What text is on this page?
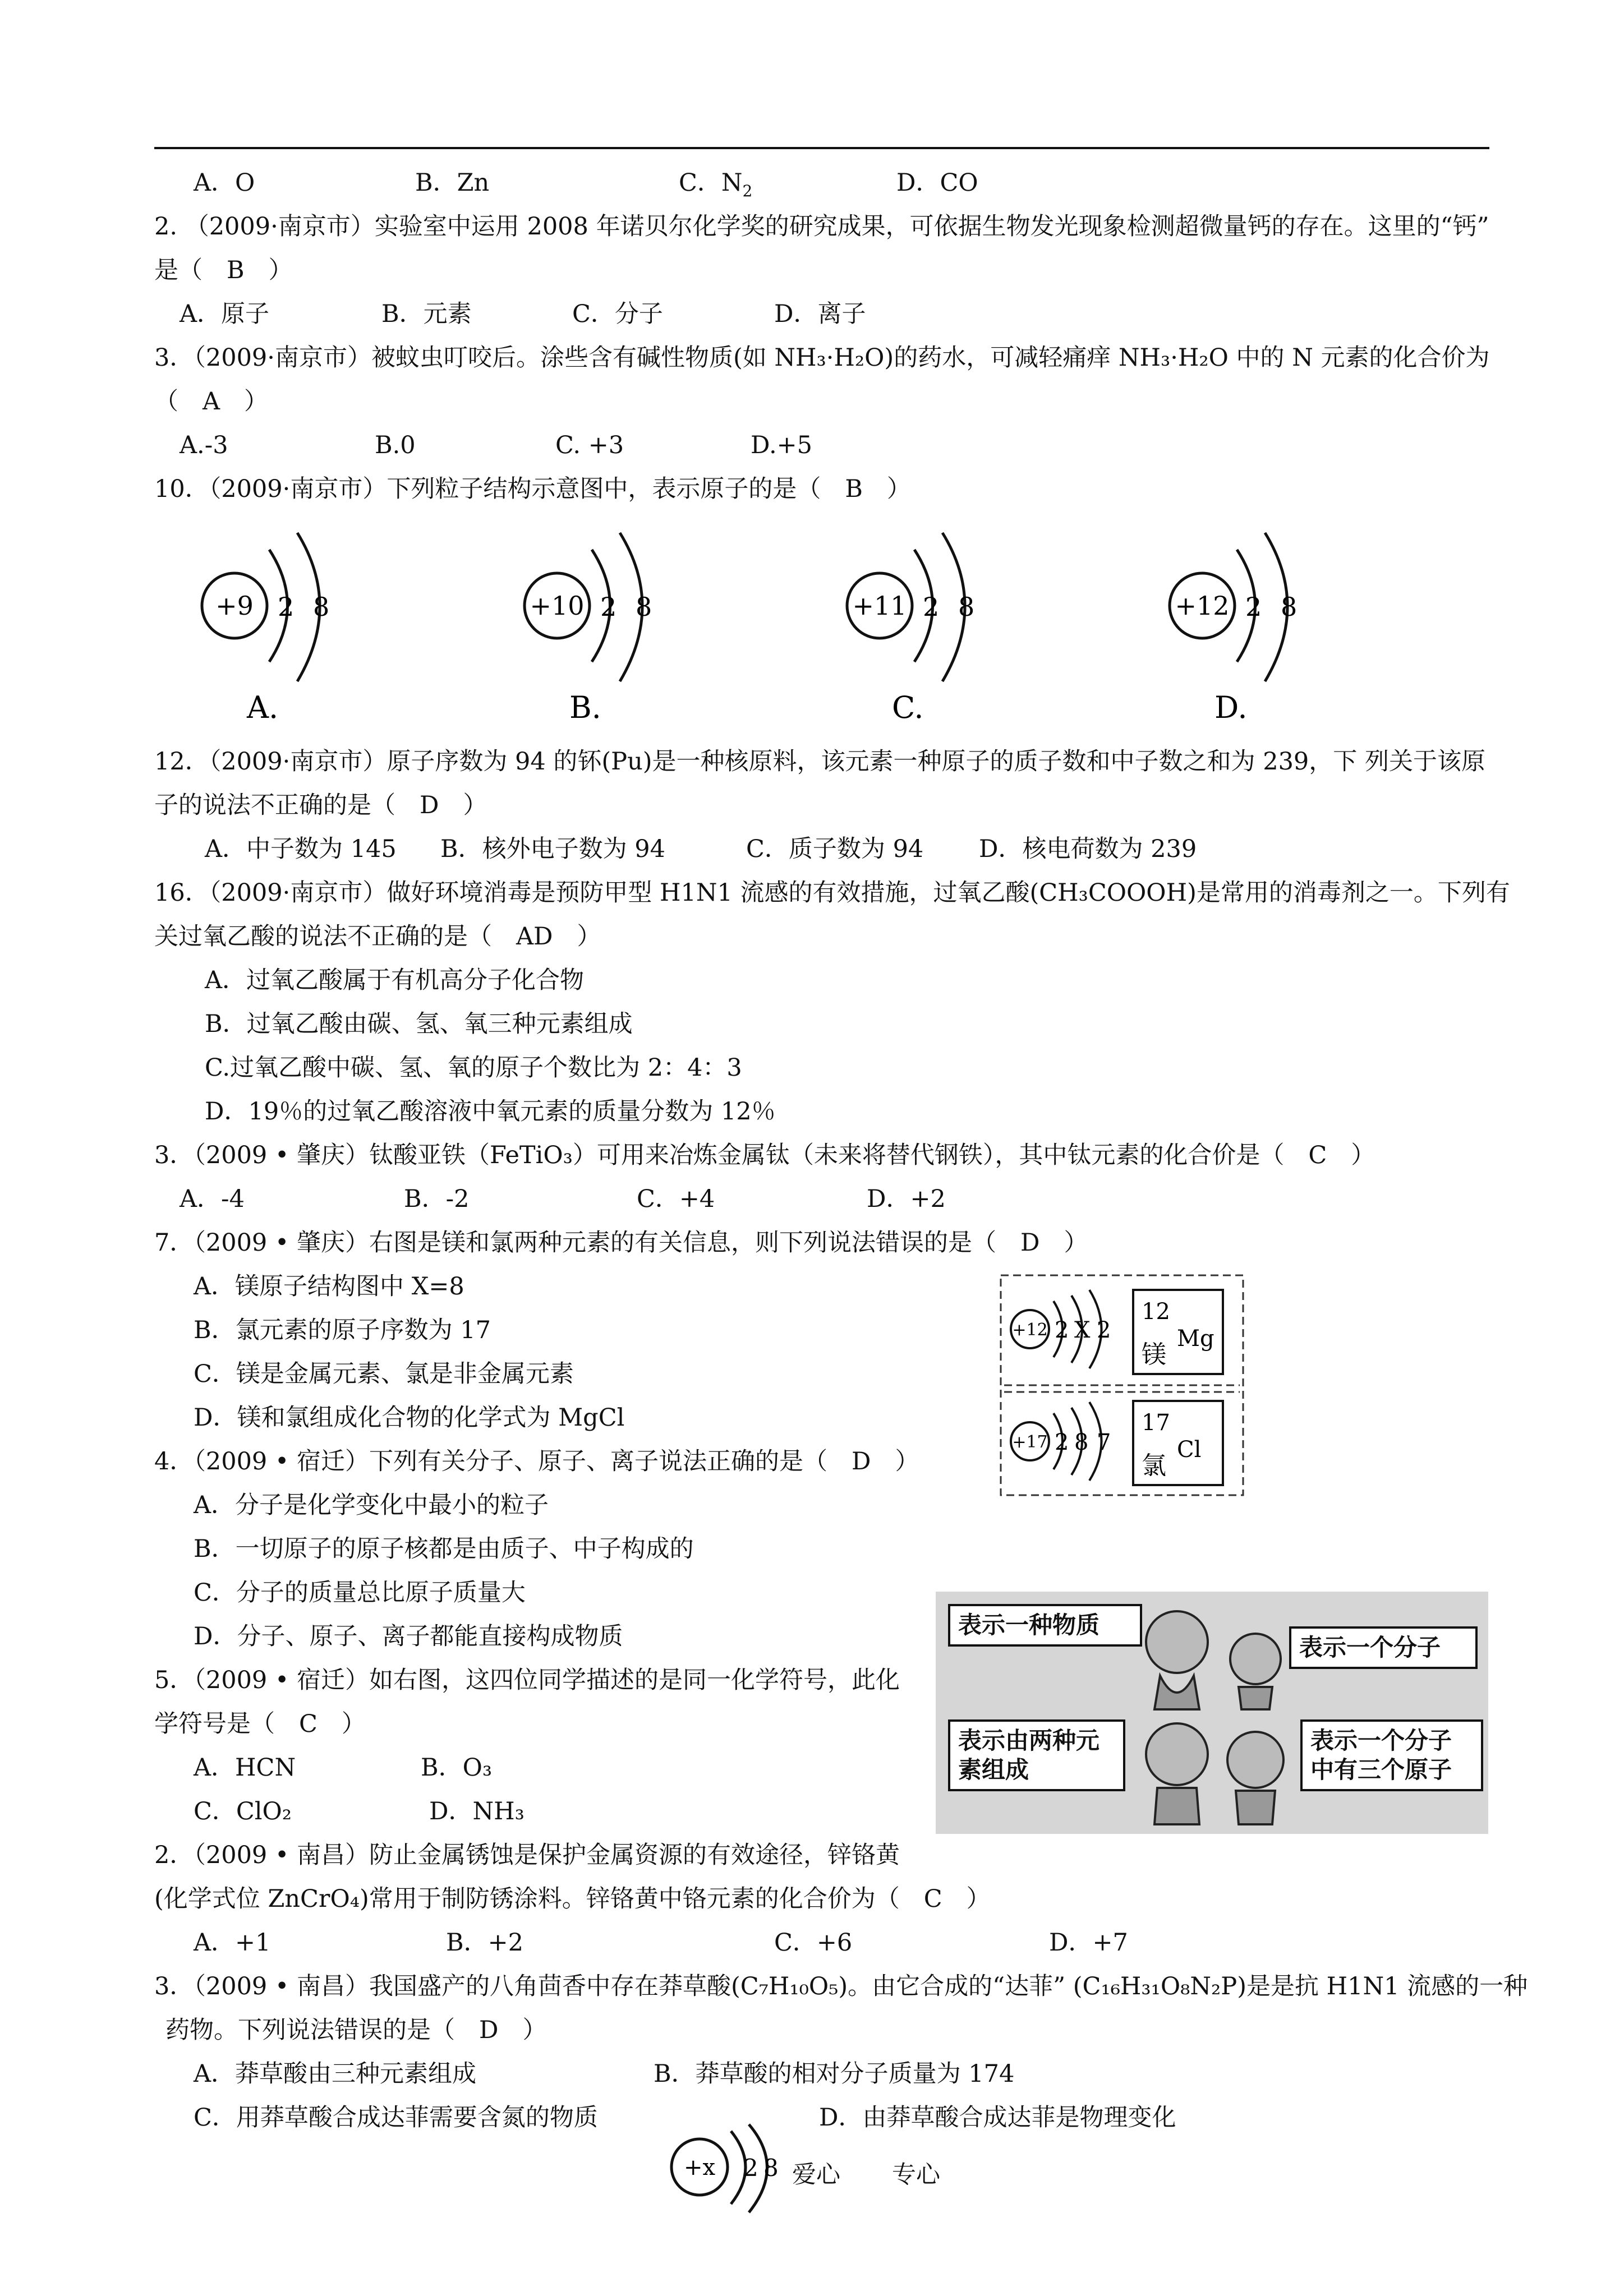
A．O	B．Zn	C．$N_2$	D．CO
2. （2009·南京市）实验室中运用 2008 年诺贝尔化学奖的研究成果，可依据生物发光现象检测超微量钙的存在。这里的“钙”
是（　B　）
A．原子	B．元素	C．分子	D．离子
3．（2009·南京市）被蚊虫叮咬后。涂些含有碱性物质(如 NH₃·H₂O)的药水，可减轻痛痒 NH₃·H₂O 中的 N 元素的化合价为
（　A　）
A.-3	B.0	C. +3	D.+5
10．（2009·南京市）下列粒子结构示意图中，表示原子的是（　B　）
+9 2 8
A.
+10 2 8
B.
+11 2 8
C.
+12 2 8
D.
12．（2009·南京市）原子序数为 94 的钚(Pu)是一种核原料，该元素一种原子的质子数和中子数之和为 239，下 列关于该原
子的说法不正确的是（　D　）
A．中子数为 145 B．核外电子数为 94	C．质子数为 94 D．核电荷数为 239
16．（2009·南京市）做好环境消毒是预防甲型 H1N1 流感的有效措施，过氧乙酸(CH₃COOOH)是常用的消毒剂之一。下列有
关过氧乙酸的说法不正确的是（　AD　）
A．过氧乙酸属于有机高分子化合物
B．过氧乙酸由碳、氢、氧三种元素组成
C.过氧乙酸中碳、氢、氧的原子个数比为 2：4：3
D．19％的过氧乙酸溶液中氧元素的质量分数为 12％
3．（2009 • 肇庆）钛酸亚铁（FeTiO₃）可用来冶炼金属钛（未来将替代钢铁），其中钛元素的化合价是（　C　）
A．-4	B．-2	C．+4	D．+2
7．（2009 • 肇庆）右图是镁和氯两种元素的有关信息，则下列说法错误的是（　D　）
A．镁原子结构图中 X=8
B．氯元素的原子序数为 17
C．镁是金属元素、氯是非金属元素
D．镁和氯组成化合物的化学式为 MgCl
+12 2 X 2
12
镁
Mg
+17 2 8 7
17
氯
Cl
4．（2009 • 宿迁）下列有关分子、原子、离子说法正确的是（　D　）
A．分子是化学变化中最小的粒子
B．一切原子的原子核都是由质子、中子构成的
C．分子的质量总比原子质量大
D．分子、原子、离子都能直接构成物质
5．（2009 • 宿迁）如右图，这四位同学描述的是同一化学符号，此化
学符号是（　C　）
A．HCN	B．O₃
C．ClO₂	D．NH₃
表示一种物质
表示一个分子
表示由两种元素组成
表示一个分子中有三个原子
2．（2009 • 南昌）防止金属锈蚀是保护金属资源的有效途径，锌铬黄
(化学式位 ZnCrO₄)常用于制防锈涂料。锌铬黄中铬元素的化合价为（　C　）
A．+1	B．+2	C．+6	D．+7
3．（2009 • 南昌）我国盛产的八角茴香中存在莽草酸(C₇H₁₀O₅)。由它合成的“达菲” (C₁₆H₃₁O₈N₂P)是是抗 H1N1 流感的一种
药物。下列说法错误的是（　D　）
A．莽草酸由三种元素组成	B．莽草酸的相对分子质量为 174
C．用莽草酸合成达菲需要含氮的物质	D．由莽草酸合成达菲是物理变化
+x 2 8 爱心 专心
